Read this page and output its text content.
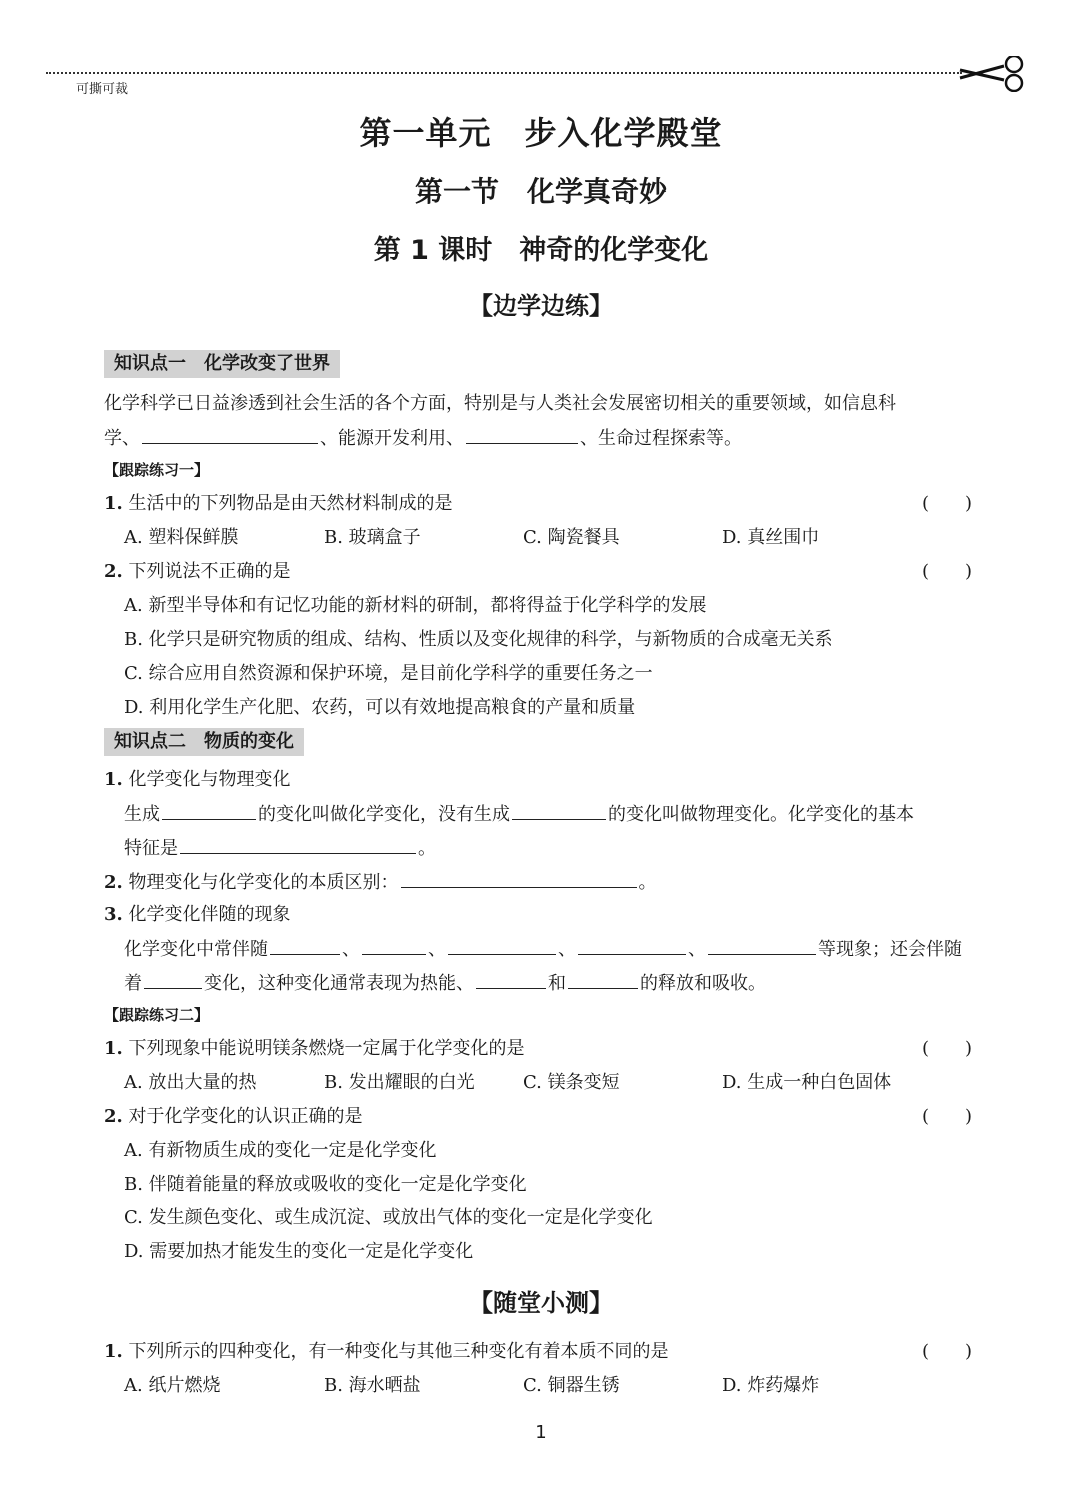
可撕可裁
第一单元　步入化学殿堂
第一节　化学真奇妙
第 1 课时　神奇的化学变化
【边学边练】
知识点一　化学改变了世界
化学科学已日益渗透到社会生活的各个方面，特别是与人类社会发展密切相关的重要领域，如信息科
学、	、能源开发利用、	、生命过程探索等。
【跟踪练习一】
1. 生活中的下列物品是由天然材料制成的是	(　　)
A. 塑料保鲜膜	B. 玻璃盒子	C. 陶瓷餐具	D. 真丝围巾
2. 下列说法不正确的是	(　　)
A. 新型半导体和有记忆功能的新材料的研制，都将得益于化学科学的发展
B. 化学只是研究物质的组成、结构、性质以及变化规律的科学，与新物质的合成毫无关系
C. 综合应用自然资源和保护环境，是目前化学科学的重要任务之一
D. 利用化学生产化肥、农药，可以有效地提高粮食的产量和质量
知识点二　物质的变化
1. 化学变化与物理变化
生成	的变化叫做化学变化，没有生成	的变化叫做物理变化。化学变化的基本
特征是	。
2. 物理变化与化学变化的本质区别：	。
3. 化学变化伴随的现象
化学变化中常伴随	、	、	、	、	等现象；还会伴随
着	变化，这种变化通常表现为热能、	和	的释放和吸收。
【跟踪练习二】
1. 下列现象中能说明镁条燃烧一定属于化学变化的是	(　　)
A. 放出大量的热	B. 发出耀眼的白光	C. 镁条变短	D. 生成一种白色固体
2. 对于化学变化的认识正确的是	(　　)
A. 有新物质生成的变化一定是化学变化
B. 伴随着能量的释放或吸收的变化一定是化学变化
C. 发生颜色变化、或生成沉淀、或放出气体的变化一定是化学变化
D. 需要加热才能发生的变化一定是化学变化
【随堂小测】
1. 下列所示的四种变化，有一种变化与其他三种变化有着本质不同的是	(　　)
A. 纸片燃烧	B. 海水晒盐	C. 铜器生锈	D. 炸药爆炸
1
